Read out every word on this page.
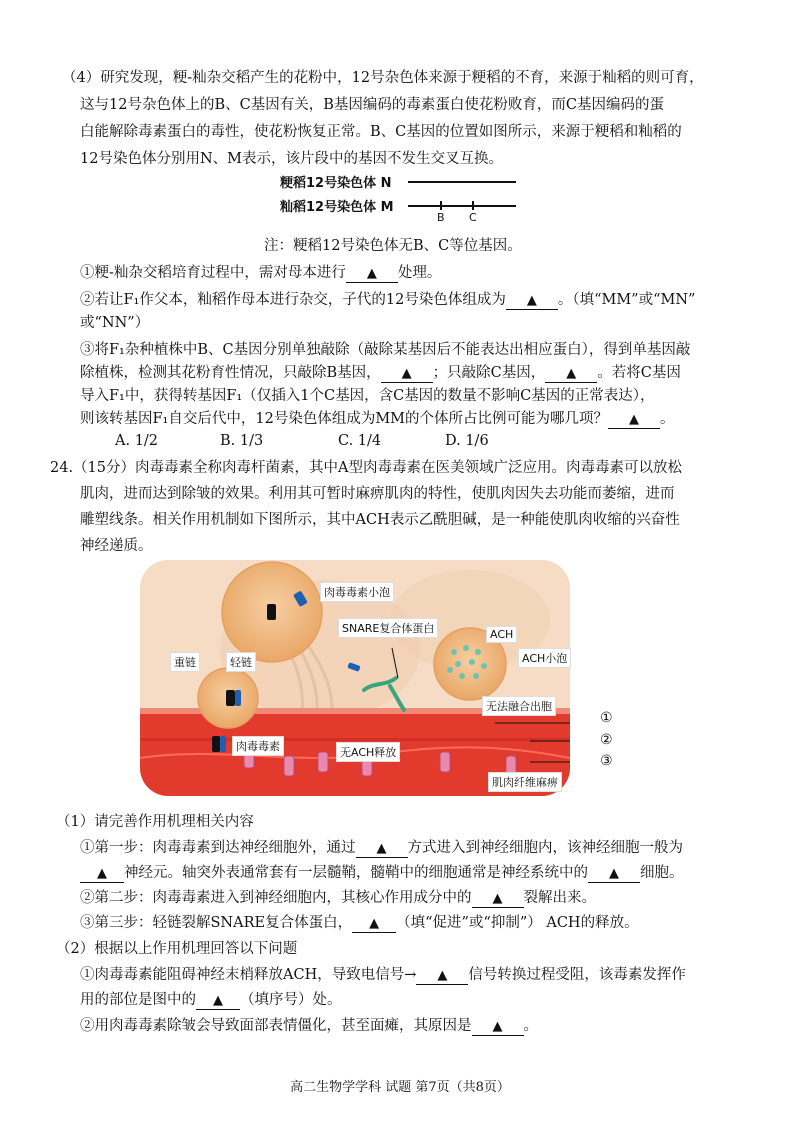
（4）研究发现，粳-籼杂交稻产生的花粉中，12号杂色体来源于粳稻的不育，来源于籼稻的则可育，
这与12号杂色体上的B、C基因有关，B基因编码的毒素蛋白使花粉败育，而C基因编码的蛋
白能解除毒素蛋白的毒性，使花粉恢复正常。B、C基因的位置如图所示，来源于粳稻和籼稻的
12号染色体分别用N、M表示，该片段中的基因不发生交叉互换。
粳稻12号染色体 N
籼稻12号染色体 M
B C
注：粳稻12号染色体无B、C等位基因。
①粳-籼杂交稻培育过程中，需对母本进行 ▲ 处理。
②若让F₁作父本，籼稻作母本进行杂交，子代的12号染色体组成为 ▲ 。（填“MM”或“MN”
或“NN”）
③将F₁杂种植株中B、C基因分别单独敲除（敲除某基因后不能表达出相应蛋白），得到单基因敲
除植株，检测其花粉育性情况，只敲除B基因， ▲ ；只敲除C基因， ▲ 。若将C基因
导入F₁中，获得转基因F₁（仅插入1个C基因，含C基因的数量不影响C基因的正常表达），
则该转基因F₁自交后代中，12号染色体组成为MM的个体所占比例可能为哪几项？ ▲ 。
A. 1/2	B. 1/3	C. 1/4	D. 1/6
24.（15分）肉毒毒素全称肉毒杆菌素，其中A型肉毒毒素在医美领域广泛应用。肉毒毒素可以放松
肌肉，进而达到除皱的效果。利用其可暂时麻痹肌肉的特性，使肌肉因失去功能而萎缩，进而
雕塑线条。相关作用机制如下图所示，其中ACH表示乙酰胆碱，是一种能使肌肉收缩的兴奋性
神经递质。
肉毒毒素小泡
SNARE复合体蛋白	ACH
ACH小泡
重链	轻链
无法融合出胞
肉毒毒素	无ACH释放
肌肉纤维麻痹
①
②
③
（1）请完善作用机理相关内容
①第一步：肉毒毒素到达神经细胞外，通过 ▲ 方式进入到神经细胞内，该神经细胞一般为
▲ 神经元。轴突外表通常套有一层髓鞘，髓鞘中的细胞通常是神经系统中的 ▲ 细胞。
②第二步：肉毒毒素进入到神经细胞内，其核心作用成分中的 ▲ 裂解出来。
③第三步：轻链裂解SNARE复合体蛋白， ▲ （填“促进”或“抑制”） ACH的释放。
（2）根据以上作用机理回答以下问题
①肉毒毒素能阻碍神经末梢释放ACH，导致电信号→ ▲ 信号转换过程受阻，该毒素发挥作
用的部位是图中的 ▲ （填序号）处。
②用肉毒毒素除皱会导致面部表情僵化，甚至面瘫，其原因是 ▲ 。
高二生物学学科 试题 第7页（共8页）
